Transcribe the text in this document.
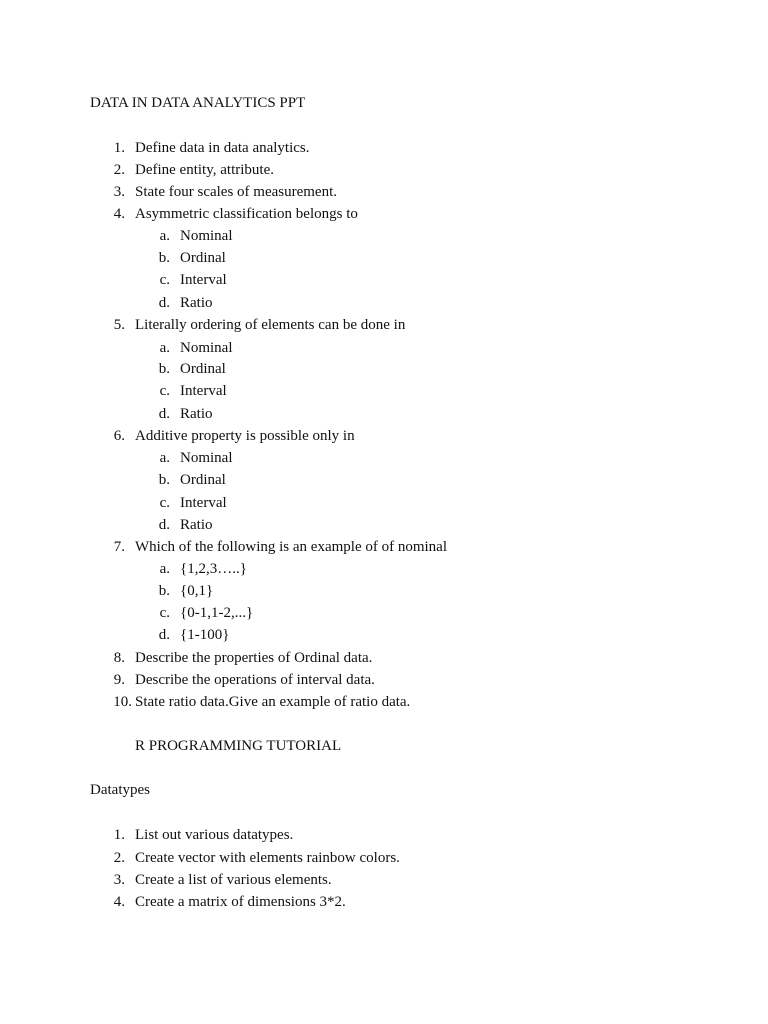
DATA IN DATA ANALYTICS PPT
1. Define data in data analytics.
2. Define entity, attribute.
3. State four scales of measurement.
4. Asymmetric classification belongs to
a. Nominal
b. Ordinal
c. Interval
d. Ratio
5. Literally ordering of elements can be done in
a. Nominal
b. Ordinal
c. Interval
d. Ratio
6. Additive property is possible only in
a. Nominal
b. Ordinal
c. Interval
d. Ratio
7. Which of the following is an example of of nominal
a. {1,2,3…..}
b. {0,1}
c. {0-1,1-2,...}
d. {1-100}
8. Describe the properties of Ordinal data.
9. Describe the operations of interval data.
10. State ratio data.Give an example of ratio data.
R PROGRAMMING TUTORIAL
Datatypes
1. List out various datatypes.
2. Create vector with elements rainbow colors.
3. Create a list of various elements.
4. Create a matrix of dimensions 3*2.
